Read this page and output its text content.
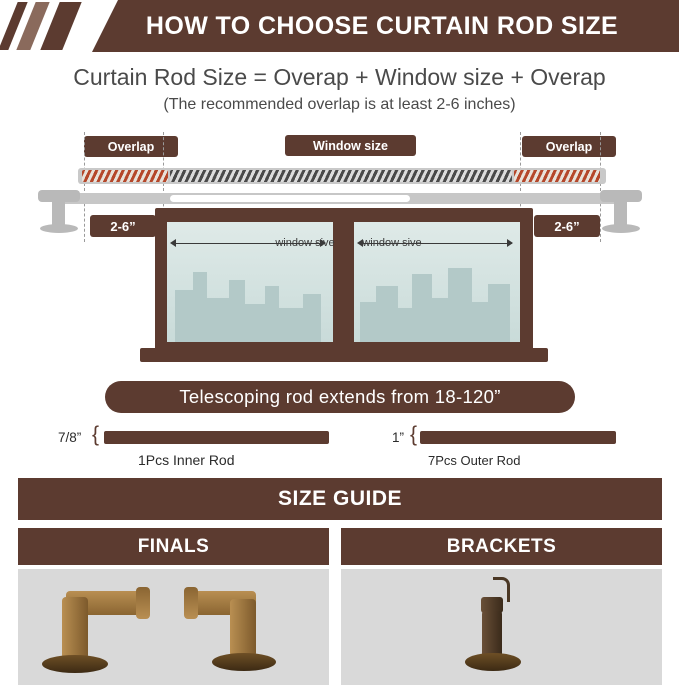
HOW TO CHOOSE CURTAIN ROD SIZE
Curtain Rod Size = Overap + Window size + Overap
(The recommended overlap is at least 2-6 inches)
Overlap	Window size	Overlap
2-6”	2-6”
window sive	window sive
Telescoping rod extends from 18-120”
7/8” {
1Pcs Inner Rod
1” {
7Pcs Outer Rod
SIZE GUIDE
FINALS	BRACKETS
